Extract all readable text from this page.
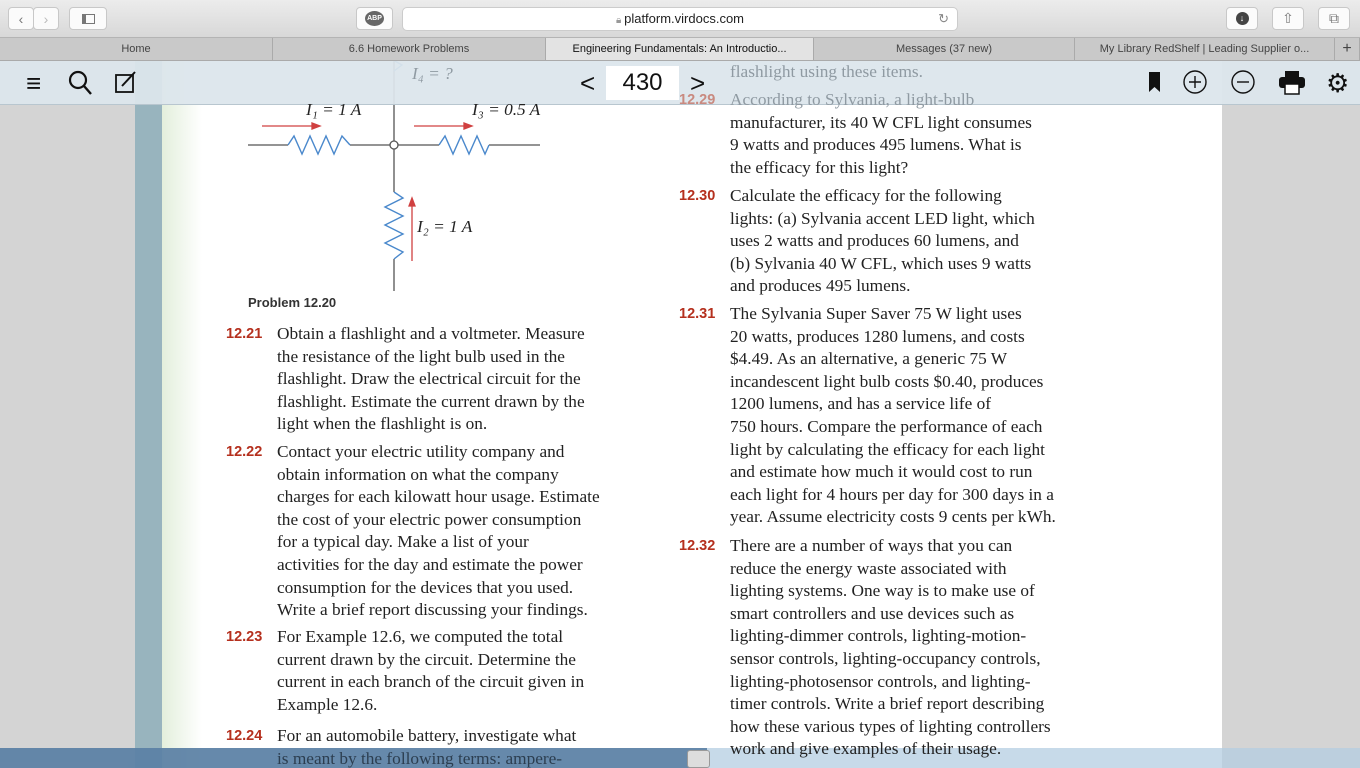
‹	›	ABP	🔒︎ platform.virdocs.com	↻	↓	⇧	⧉
Home	6.6 Homework Problems	Engineering Fundamentals: An Introductio...	Messages (37 new)	My Library RedShelf | Leading Supplier o...	+
I₄ = ?
I₁ = 1 A	I₃ = 0.5 A
I₂ = 1 A
Problem 12.20
12.21 Obtain a flashlight and a voltmeter. Measure
the resistance of the light bulb used in the
flashlight. Draw the electrical circuit for the
flashlight. Estimate the current drawn by the
light when the flashlight is on.
12.22 Contact your electric utility company and
obtain information on what the company
charges for each kilowatt hour usage. Estimate
the cost of your electric power consumption
for a typical day. Make a list of your
activities for the day and estimate the power
consumption for the devices that you used.
Write a brief report discussing your findings.
12.23 For Example 12.6, we computed the total
current drawn by the circuit. Determine the
current in each branch of the circuit given in
Example 12.6.
12.24 For an automobile battery, investigate what
is meant by the following terms: ampere-
flashlight using these items.
12.29 According to Sylvania, a light-bulb
manufacturer, its 40 W CFL light consumes
9 watts and produces 495 lumens. What is
the efficacy for this light?
12.30 Calculate the efficacy for the following
lights: (a) Sylvania accent LED light, which
uses 2 watts and produces 60 lumens, and
(b) Sylvania 40 W CFL, which uses 9 watts
and produces 495 lumens.
12.31 The Sylvania Super Saver 75 W light uses
20 watts, produces 1280 lumens, and costs
$4.49. As an alternative, a generic 75 W
incandescent light bulb costs $0.40, produces
1200 lumens, and has a service life of
750 hours. Compare the performance of each
light by calculating the efficacy for each light
and estimate how much it would cost to run
each light for 4 hours per day for 300 days in a
year. Assume electricity costs 9 cents per kWh.
12.32 There are a number of ways that you can
reduce the energy waste associated with
lighting systems. One way is to make use of
smart controllers and use devices such as
lighting-dimmer controls, lighting-motion-
sensor controls, lighting-occupancy controls,
lighting-photosensor controls, and lighting-
timer controls. Write a brief report describing
how these various types of lighting controllers
work and give examples of their usage.
≡	<	>	⚙
430
